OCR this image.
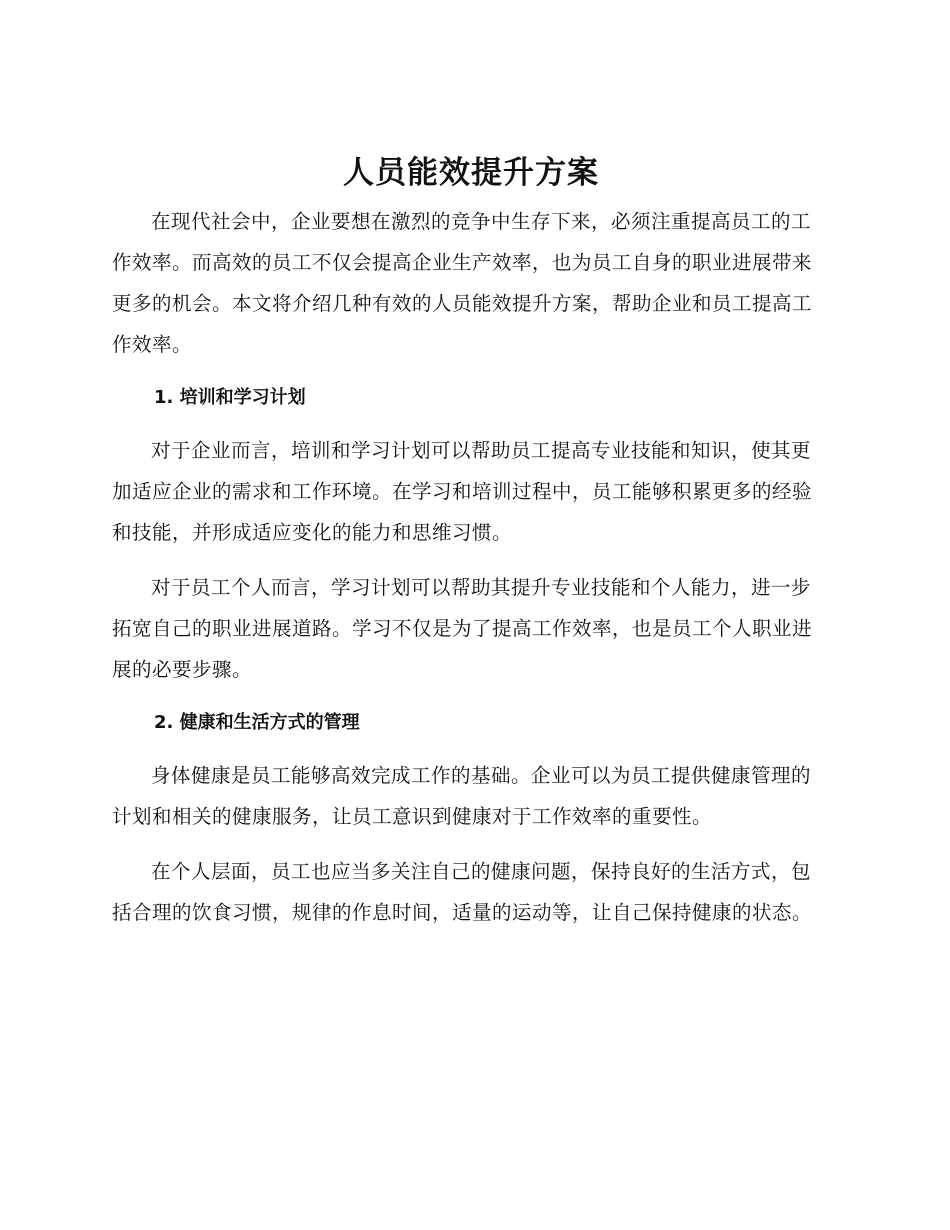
人员能效提升方案

在现代社会中，企业要想在激烈的竞争中生存下来，必须注重提高员工的工作效率。而高效的员工不仅会提高企业生产效率，也为员工自身的职业进展带来更多的机会。本文将介绍几种有效的人员能效提升方案，帮助企业和员工提高工作效率。

1. 培训和学习计划

对于企业而言，培训和学习计划可以帮助员工提高专业技能和知识，使其更加适应企业的需求和工作环境。在学习和培训过程中，员工能够积累更多的经验和技能，并形成适应变化的能力和思维习惯。

对于员工个人而言，学习计划可以帮助其提升专业技能和个人能力，进一步拓宽自己的职业进展道路。学习不仅是为了提高工作效率，也是员工个人职业进展的必要步骤。

2. 健康和生活方式的管理

身体健康是员工能够高效完成工作的基础。企业可以为员工提供健康管理的计划和相关的健康服务，让员工意识到健康对于工作效率的重要性。

在个人层面，员工也应当多关注自己的健康问题，保持良好的生活方式，包括合理的饮食习惯，规律的作息时间，适量的运动等，让自己保持健康的状态。
